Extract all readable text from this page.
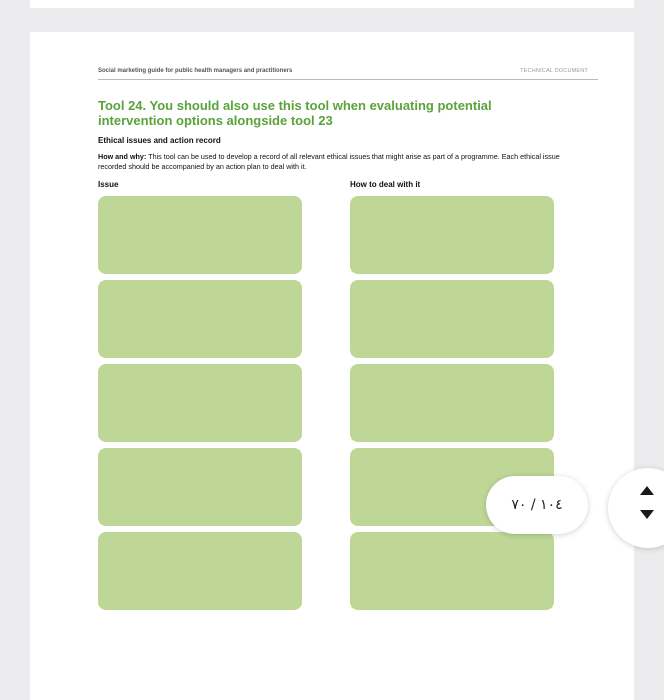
Social marketing guide for public health managers and practitioners	TECHNICAL DOCUMENT
Tool 24. You should also use this tool when evaluating potential intervention options alongside tool 23
Ethical issues and action record
How and why: This tool can be used to develop a record of all relevant ethical issues that might arise as part of a programme. Each ethical issue recorded should be accompanied by an action plan to deal with it.
Issue	How to deal with it
١٠٤ / ٧٠
